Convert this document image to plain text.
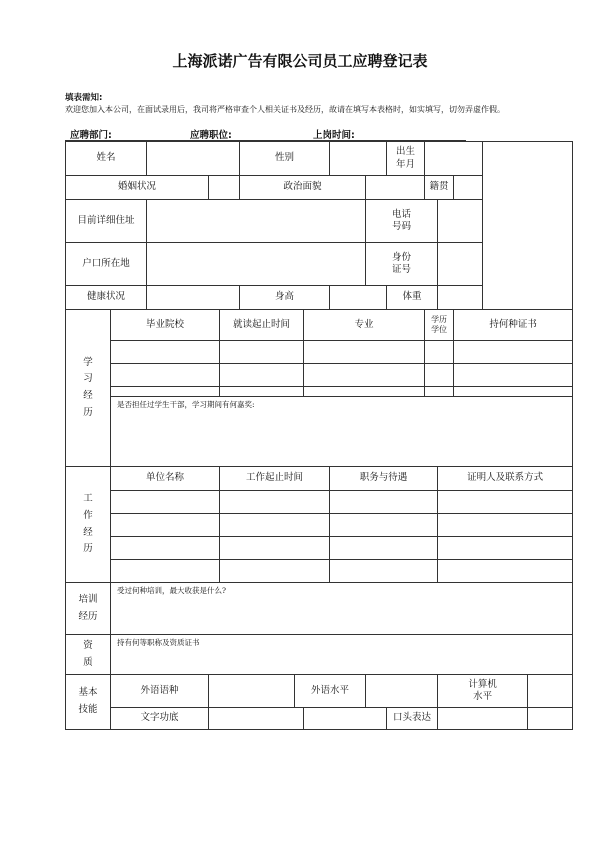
上海派诺广告有限公司员工应聘登记表
填表需知:
欢迎您加入本公司，在面试录用后，我司将严格审查个人相关证书及经历，故请在填写本表格时，如实填写，切勿弄虚作假。
应聘部门:	应聘职位:	上岗时间:
姓名					性别					出生
年月					

婚姻状况					政治面貌						籍贯				
目前详细住址									电话
号码						

户口所在地									身份
证号						

健康状况					身高					体重					

学
习
经
历	毕业院校			就读起止时间			专业				学历
学位		持何种证书		

	是否担任过学生干部，学习期间有何嘉奖:														

工
作
经
历	单位名称			工作起止时间				职务与待遇				证明人及联系方式			

培训
经历	受过何种培训，最大收获是什么?														

资
质	持有何等职称及资质证书														

基本
技能	外语语种					外语水平						计算机
水平			

	文字功底									口头表达					
